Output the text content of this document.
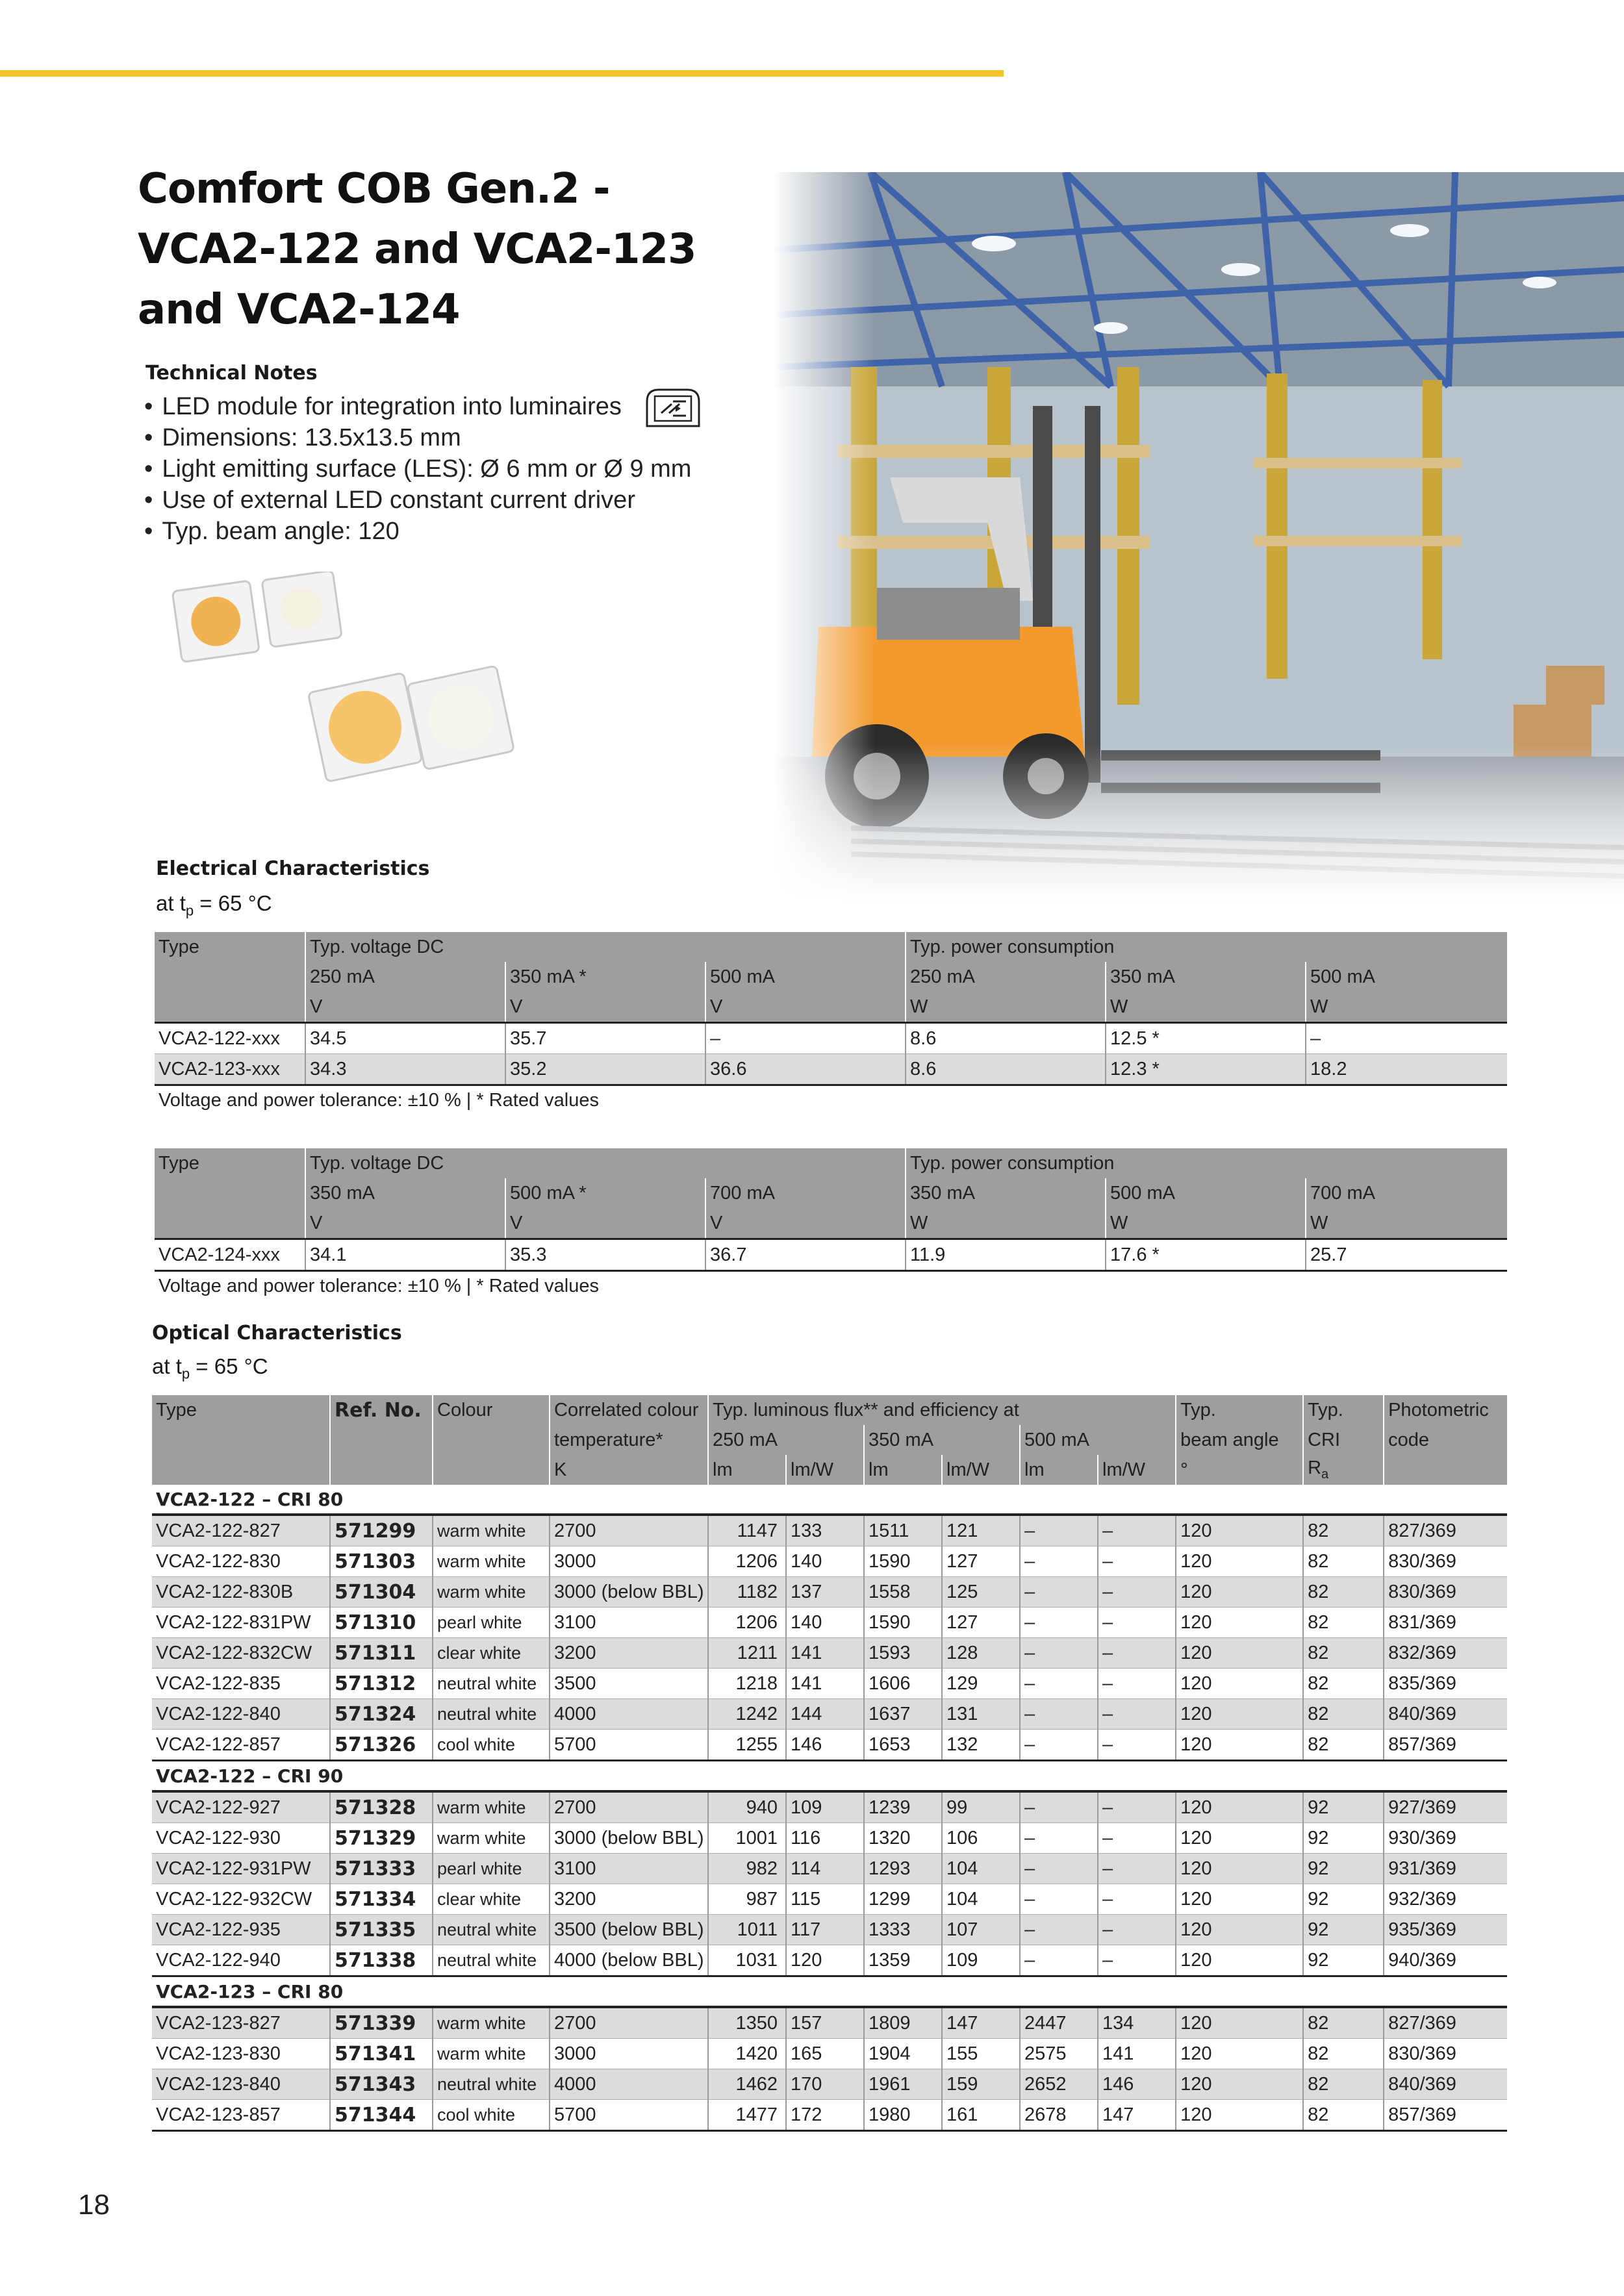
Comfort COB Gen.2 -
VCA2-122 and VCA2-123
and VCA2-124
Technical Notes
• LED module for integration into luminaires
• Dimensions: 13.5x13.5 mm
• Light emitting surface (LES): Ø 6 mm or Ø 9 mm
• Use of external LED constant current driver
• Typ. beam angle: 120
Electrical Characteristics
at $t_p = 65$ °C
Type	Typ. voltage DC			Typ. power consumption		
	250 mA	350 mA *	500 mA	250 mA	350 mA	500 mA
	V	V	V	W	W	W
VCA2-122-xxx	34.5	35.7	–	8.6	12.5 *	–
VCA2-123-xxx	34.3	35.2	36.6	8.6	12.3 *	18.2
Voltage and power tolerance: ±10 % | * Rated values
Type	Typ. voltage DC			Typ. power consumption		
	350 mA	500 mA *	700 mA	350 mA	500 mA	700 mA
	V	V	V	W	W	W
VCA2-124-xxx	34.1	35.3	36.7	11.9	17.6 *	25.7
Voltage and power tolerance: ±10 % | * Rated values
Optical Characteristics
at $t_p = 65$ °C
Type	Ref. No.	Colour	Correlated colour	Typ. luminous flux** and efficiency at						Typ.	Typ.	Photometric
			temperature*	250 mA		350 mA		500 mA		beam angle	CRI	code
			K	lm	lm/W	lm	lm/W	lm	lm/W	°	$R_a$	
VCA2-122 – CRI 80												
VCA2-122-827	571299	warm white	2700	1147	133	1511	121	–	–	120	82	827/369
VCA2-122-830	571303	warm white	3000	1206	140	1590	127	–	–	120	82	830/369
VCA2-122-830B	571304	warm white	3000 (below BBL)	1182	137	1558	125	–	–	120	82	830/369
VCA2-122-831PW	571310	pearl white	3100	1206	140	1590	127	–	–	120	82	831/369
VCA2-122-832CW	571311	clear white	3200	1211	141	1593	128	–	–	120	82	832/369
VCA2-122-835	571312	neutral white	3500	1218	141	1606	129	–	–	120	82	835/369
VCA2-122-840	571324	neutral white	4000	1242	144	1637	131	–	–	120	82	840/369
VCA2-122-857	571326	cool white	5700	1255	146	1653	132	–	–	120	82	857/369
VCA2-122 – CRI 90												
VCA2-122-927	571328	warm white	2700	940	109	1239	99	–	–	120	92	927/369
VCA2-122-930	571329	warm white	3000 (below BBL)	1001	116	1320	106	–	–	120	92	930/369
VCA2-122-931PW	571333	pearl white	3100	982	114	1293	104	–	–	120	92	931/369
VCA2-122-932CW	571334	clear white	3200	987	115	1299	104	–	–	120	92	932/369
VCA2-122-935	571335	neutral white	3500 (below BBL)	1011	117	1333	107	–	–	120	92	935/369
VCA2-122-940	571338	neutral white	4000 (below BBL)	1031	120	1359	109	–	–	120	92	940/369
VCA2-123 – CRI 80												
VCA2-123-827	571339	warm white	2700	1350	157	1809	147	2447	134	120	82	827/369
VCA2-123-830	571341	warm white	3000	1420	165	1904	155	2575	141	120	82	830/369
VCA2-123-840	571343	neutral white	4000	1462	170	1961	159	2652	146	120	82	840/369
VCA2-123-857	571344	cool white	5700	1477	172	1980	161	2678	147	120	82	857/369
18
